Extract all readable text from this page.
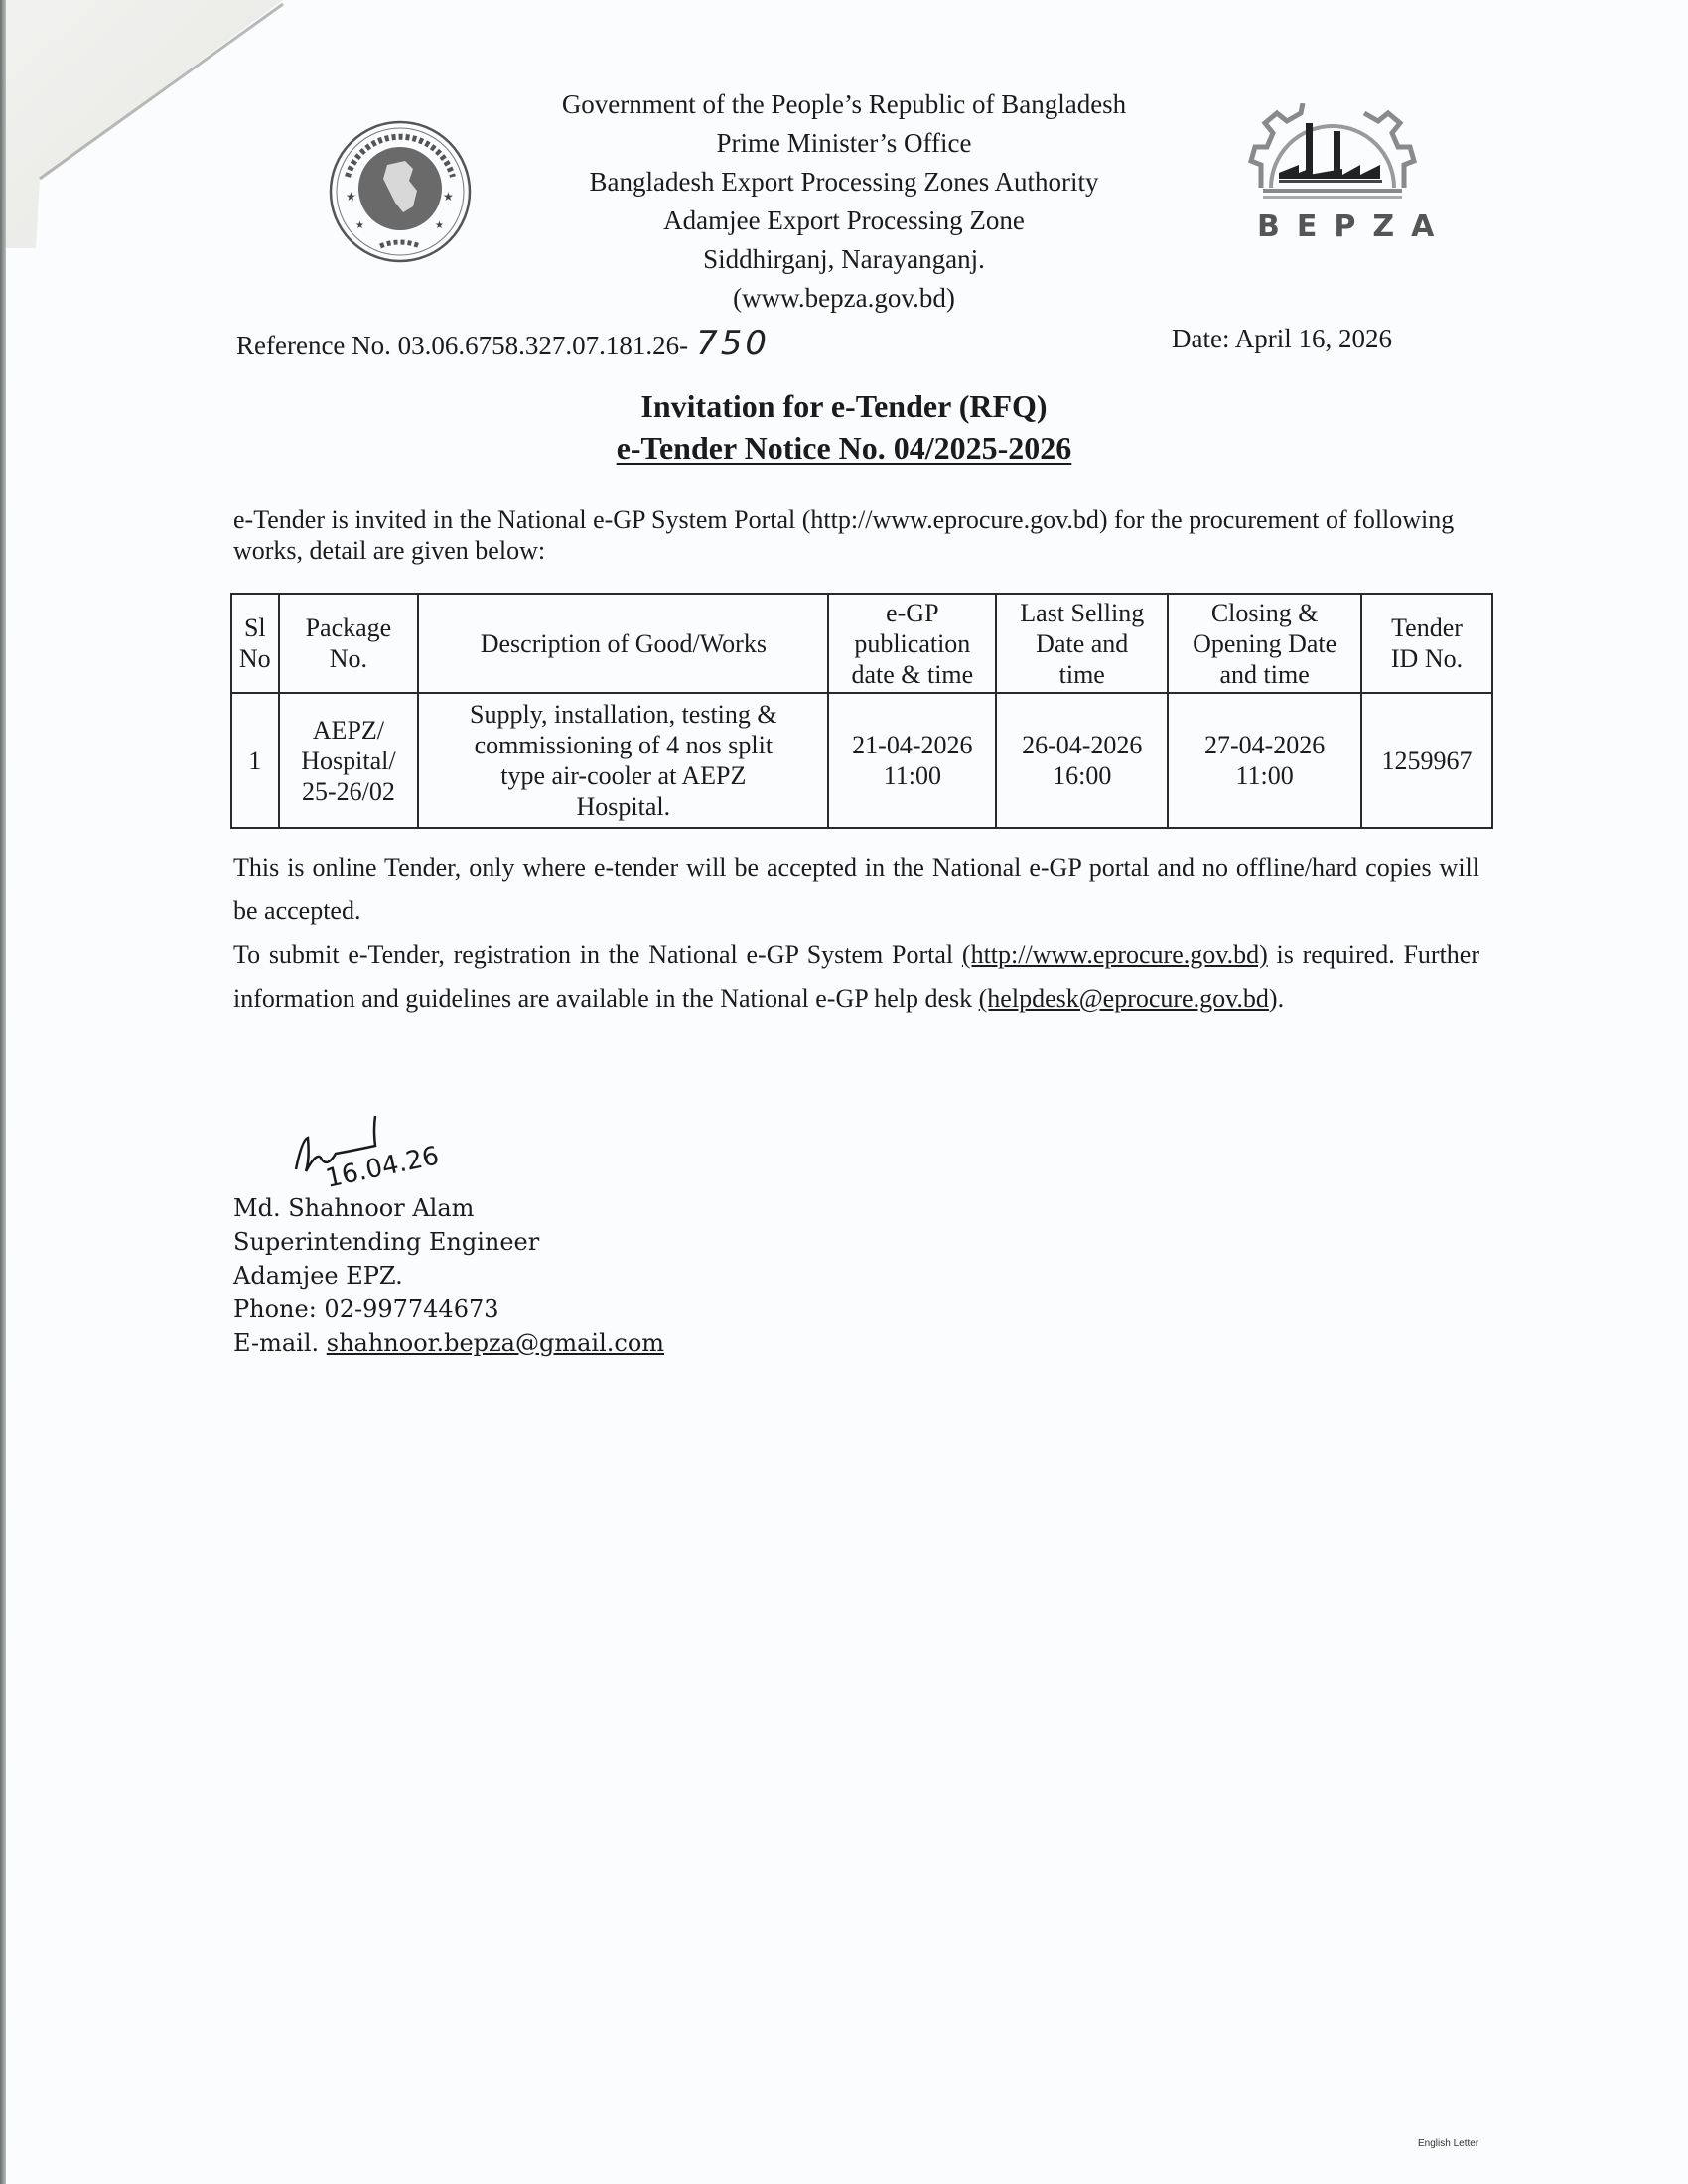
★	★
★	★
Government of the People’s Republic of Bangladesh
Prime Minister’s Office
Bangladesh Export Processing Zones Authority
Adamjee Export Processing Zone
Siddhirganj, Narayanganj.
(www.bepza.gov.bd)
BEPZA
Reference No. 03.06.6758.327.07.181.26- 750	Date: April 16, 2026
Invitation for e-Tender (RFQ)
e-Tender Notice No. 04/2025-2026
e-Tender is invited in the National e-GP System Portal (http://www.eprocure.gov.bd) for the procurement of following works, detail are given below:
Sl
No	Package
No.	Description of Good/Works	e-GP
publication
date & time	Last Selling
Date and
time	Closing &
Opening Date
and time	Tender
ID No.
1	AEPZ/
Hospital/
25-26/02	Supply, installation, testing &
commissioning of 4 nos split
type air-cooler at AEPZ
Hospital.	21-04-2026
11:00	26-04-2026
16:00	27-04-2026
11:00	1259967
This is online Tender, only where e-tender will be accepted in the National e-GP portal and no offline/hard copies will be accepted.
To submit e-Tender, registration in the National e-GP System Portal (http://www.eprocure.gov.bd) is required. Further information and guidelines are available in the National e-GP help desk (helpdesk@eprocure.gov.bd).
16.04.26
Md. Shahnoor Alam
Superintending Engineer
Adamjee EPZ.
Phone: 02-997744673
E-mail. shahnoor.bepza@gmail.com
English Letter
